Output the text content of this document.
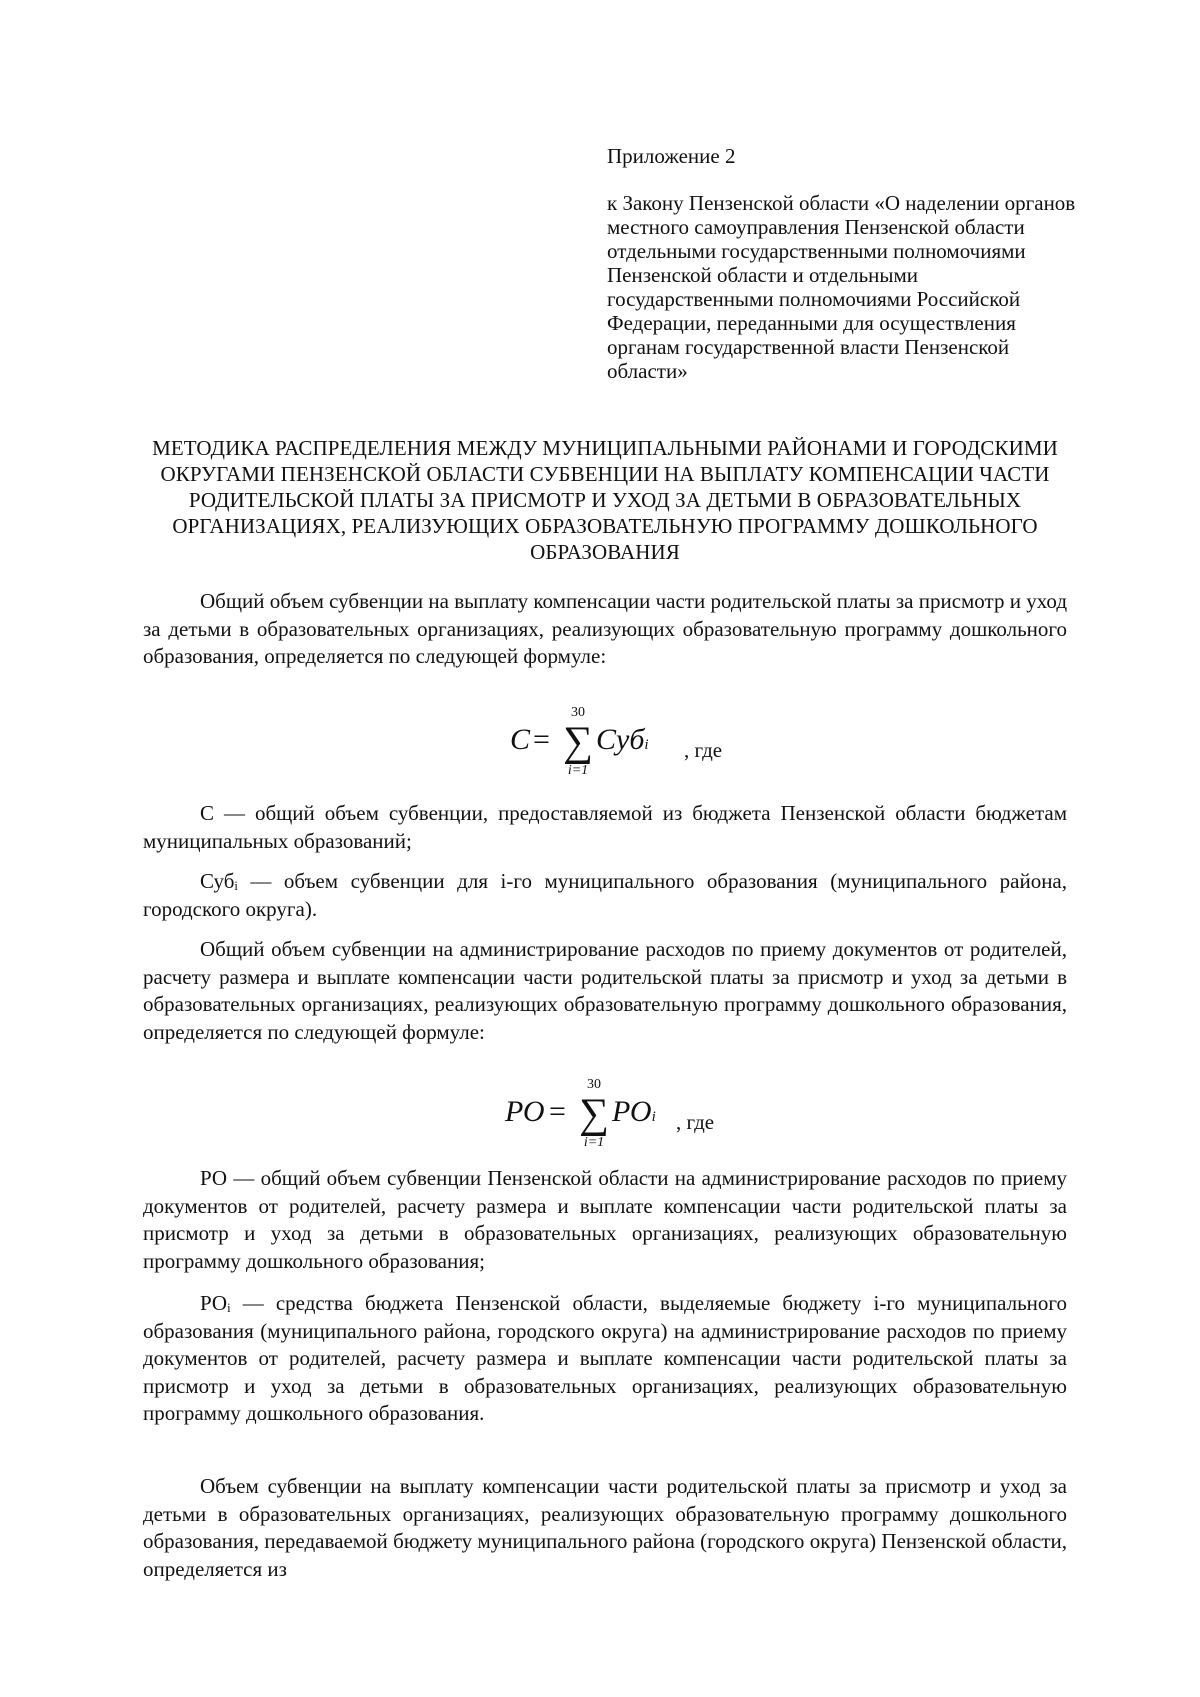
Приложение 2
к Закону Пензенской области «О наделении органов местного самоуправления Пензенской области отдельными государственными полномочиями Пензенской области и отдельными государственными полномочиями Российской Федерации, переданными для осуществления органам государственной власти Пензенской области»
МЕТОДИКА РАСПРЕДЕЛЕНИЯ МЕЖДУ МУНИЦИПАЛЬНЫМИ РАЙОНАМИ И ГОРОДСКИМИ ОКРУГАМИ ПЕНЗЕНСКОЙ ОБЛАСТИ СУБВЕНЦИИ НА ВЫПЛАТУ КОМПЕНСАЦИИ ЧАСТИ РОДИТЕЛЬСКОЙ ПЛАТЫ ЗА ПРИСМОТР И УХОД ЗА ДЕТЬМИ В ОБРАЗОВАТЕЛЬНЫХ ОРГАНИЗАЦИЯХ, РЕАЛИЗУЮЩИХ ОБРАЗОВАТЕЛЬНУЮ ПРОГРАММУ ДОШКОЛЬНОГО ОБРАЗОВАНИЯ
Общий объем субвенции на выплату компенсации части родительской платы за присмотр и уход за детьми в образовательных организациях, реализующих образовательную программу дошкольного образования, определяется по следующей формуле:
C =
30
∑
i=1
Субi , где
С — общий объем субвенции, предоставляемой из бюджета Пензенской области бюджетам муниципальных образований;
Субᵢ — объем субвенции для i-го муниципального образования (муниципального района, городского округа).
Общий объем субвенции на администрирование расходов по приему документов от родителей, расчету размера и выплате компенсации части родительской платы за присмотр и уход за детьми в образовательных организациях, реализующих образовательную программу дошкольного образования, определяется по следующей формуле:
РО =
30
∑
i=1
РОi , где
РО — общий объем субвенции Пензенской области на администрирование расходов по приему документов от родителей, расчету размера и выплате компенсации части родительской платы за присмотр и уход за детьми в образовательных организациях, реализующих образовательную программу дошкольного образования;
РОᵢ — средства бюджета Пензенской области, выделяемые бюджету i-го муниципального образования (муниципального района, городского округа) на администрирование расходов по приему документов от родителей, расчету размера и выплате компенсации части родительской платы за присмотр и уход за детьми в образовательных организациях, реализующих образовательную программу дошкольного образования.
Объем субвенции на выплату компенсации части родительской платы за присмотр и уход за детьми в образовательных организациях, реализующих образовательную программу дошкольного образования, передаваемой бюджету муниципального района (городского округа) Пензенской области, определяется из
